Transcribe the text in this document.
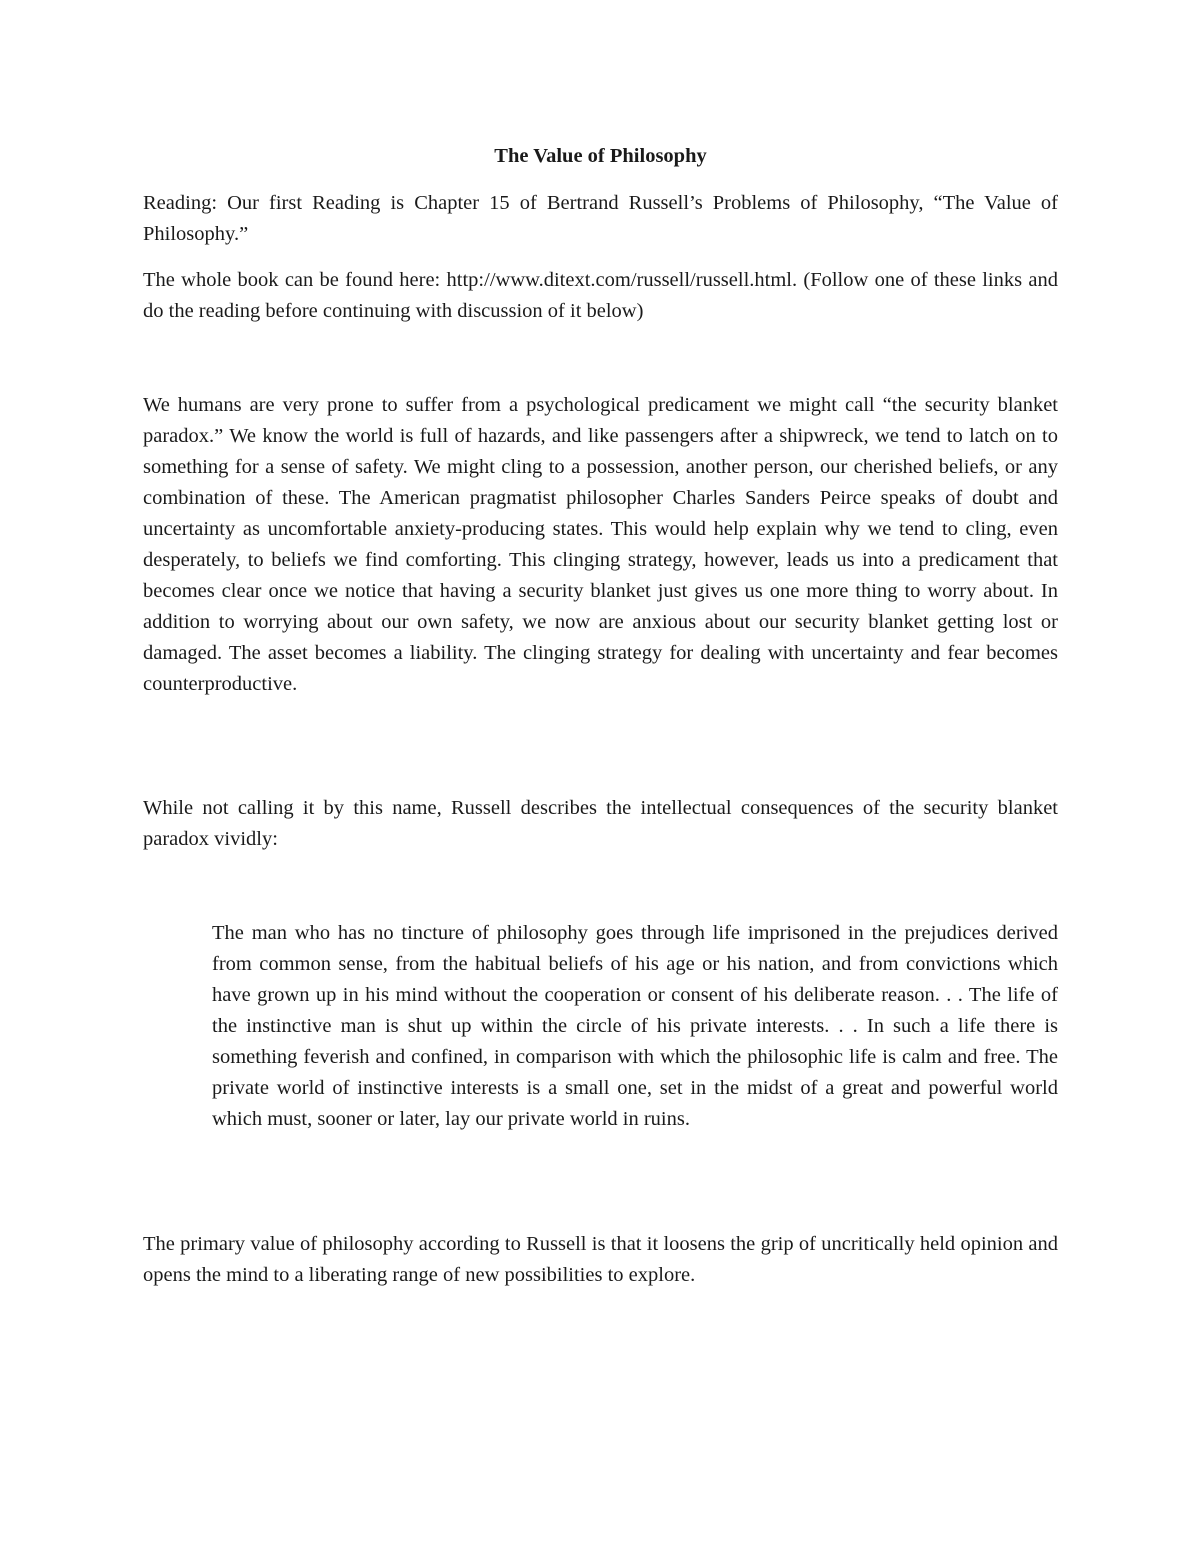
The Value of Philosophy

Reading: Our first Reading is Chapter 15 of Bertrand Russell’s Problems of Philosophy, “The Value of Philosophy.”

The whole book can be found here: http://www.ditext.com/russell/russell.html. (Follow one of these links and do the reading before continuing with discussion of it below)

We humans are very prone to suffer from a psychological predicament we might call “the security blanket paradox.” We know the world is full of hazards, and like passengers after a shipwreck, we tend to latch on to something for a sense of safety. We might cling to a possession, another person, our cherished beliefs, or any combination of these. The American pragmatist philosopher Charles Sanders Peirce speaks of doubt and uncertainty as uncomfortable anxiety-producing states. This would help explain why we tend to cling, even desperately, to beliefs we find comforting. This clinging strategy, however, leads us into a predicament that becomes clear once we notice that having a security blanket just gives us one more thing to worry about. In addition to worrying about our own safety, we now are anxious about our security blanket getting lost or damaged. The asset becomes a liability. The clinging strategy for dealing with uncertainty and fear becomes counterproductive.

While not calling it by this name, Russell describes the intellectual consequences of the security blanket paradox vividly:

The man who has no tincture of philosophy goes through life imprisoned in the prejudices derived from common sense, from the habitual beliefs of his age or his nation, and from convictions which have grown up in his mind without the cooperation or consent of his deliberate reason. . . The life of the instinctive man is shut up within the circle of his private interests. . . In such a life there is something feverish and confined, in comparison with which the philosophic life is calm and free. The private world of instinctive interests is a small one, set in the midst of a great and powerful world which must, sooner or later, lay our private world in ruins.

The primary value of philosophy according to Russell is that it loosens the grip of uncritically held opinion and opens the mind to a liberating range of new possibilities to explore.
